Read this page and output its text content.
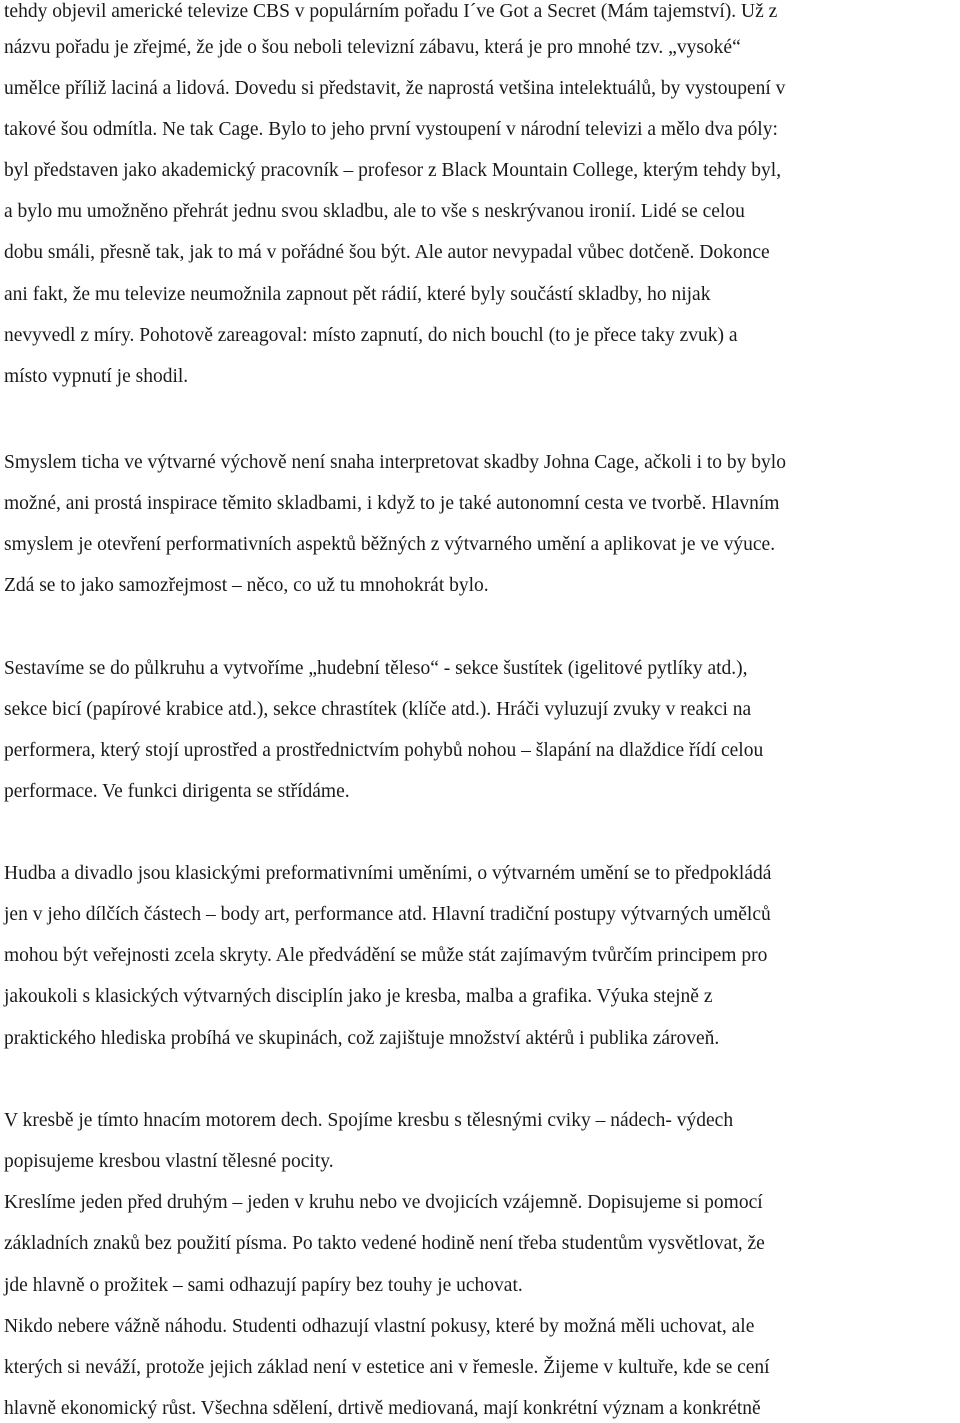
tehdy objevil americké televize CBS v populárním pořadu I´ve Got a Secret (Mám tajemství). Už z
názvu pořadu je zřejmé, že jde o šou neboli televizní zábavu, která je pro mnohé tzv. „vysoké“
umělce příliž laciná a lidová. Dovedu si představit, že naprostá vetšina intelektuálů, by vystoupení v
takové šou odmítla. Ne tak Cage. Bylo to jeho první vystoupení v národní televizi a mělo dva póly:
byl představen jako akademický pracovník – profesor z Black Mountain College, kterým tehdy byl,
a bylo mu umožněno přehrát jednu svou skladbu, ale to vše s neskrývanou ironií. Lidé se celou
dobu smáli, přesně tak, jak to má v pořádné šou být. Ale autor nevypadal vůbec dotčeně. Dokonce
ani fakt, že mu televize neumožnila zapnout pět rádií, které byly součástí skladby, ho nijak
nevyvedl z míry. Pohotově zareagoval: místo zapnutí, do nich bouchl (to je přece taky zvuk) a
místo vypnutí je shodil.
Smyslem ticha ve výtvarné výchově není snaha interpretovat skadby Johna Cage, ačkoli i to by bylo
možné, ani prostá inspirace těmito skladbami, i když to je také autonomní cesta ve tvorbě. Hlavním
smyslem je otevření performativních aspektů běžných z výtvarného umění a aplikovat je ve výuce.
Zdá se to jako samozřejmost – něco, co už tu mnohokrát bylo.
Sestavíme se do půlkruhu a vytvoříme „hudební těleso“ - sekce šustítek (igelitové pytlíky atd.),
sekce bicí (papírové krabice atd.), sekce chrastítek (klíče atd.). Hráči vyluzují zvuky v reakci na
performera, který stojí uprostřed a prostřednictvím pohybů nohou – šlapání na dlaždice řídí celou
performace. Ve funkci dirigenta se střídáme.
Hudba a divadlo jsou klasickými preformativními uměními, o výtvarném umění se to předpokládá
jen v jeho dílčích částech – body art, performance atd. Hlavní tradiční postupy výtvarných umělců
mohou být veřejnosti zcela skryty. Ale předvádění se může stát zajímavým tvůrčím principem pro
jakoukoli s klasických výtvarných disciplín jako je kresba, malba a grafika. Výuka stejně z
praktického hlediska probíhá ve skupinách, což zajištuje množství aktérů i publika zároveň.
V kresbě je tímto hnacím motorem dech. Spojíme kresbu s tělesnými cviky – nádech- výdech
popisujeme kresbou vlastní tělesné pocity.
Kreslíme jeden před druhým – jeden v kruhu nebo ve dvojicích vzájemně. Dopisujeme si pomocí
základních znaků bez použití písma. Po takto vedené hodině není třeba studentům vysvětlovat, že
jde hlavně o prožitek – sami odhazují papíry bez touhy je uchovat.
Nikdo nebere vážně náhodu. Studenti odhazují vlastní pokusy, které by možná měli uchovat, ale
kterých si neváží, protože jejich základ není v estetice ani v řemesle. Žijeme v kultuře, kde se cení
hlavně ekonomický růst. Všechna sdělení, drtivě medіovaná, mají konkrétní význam a konkrétně
